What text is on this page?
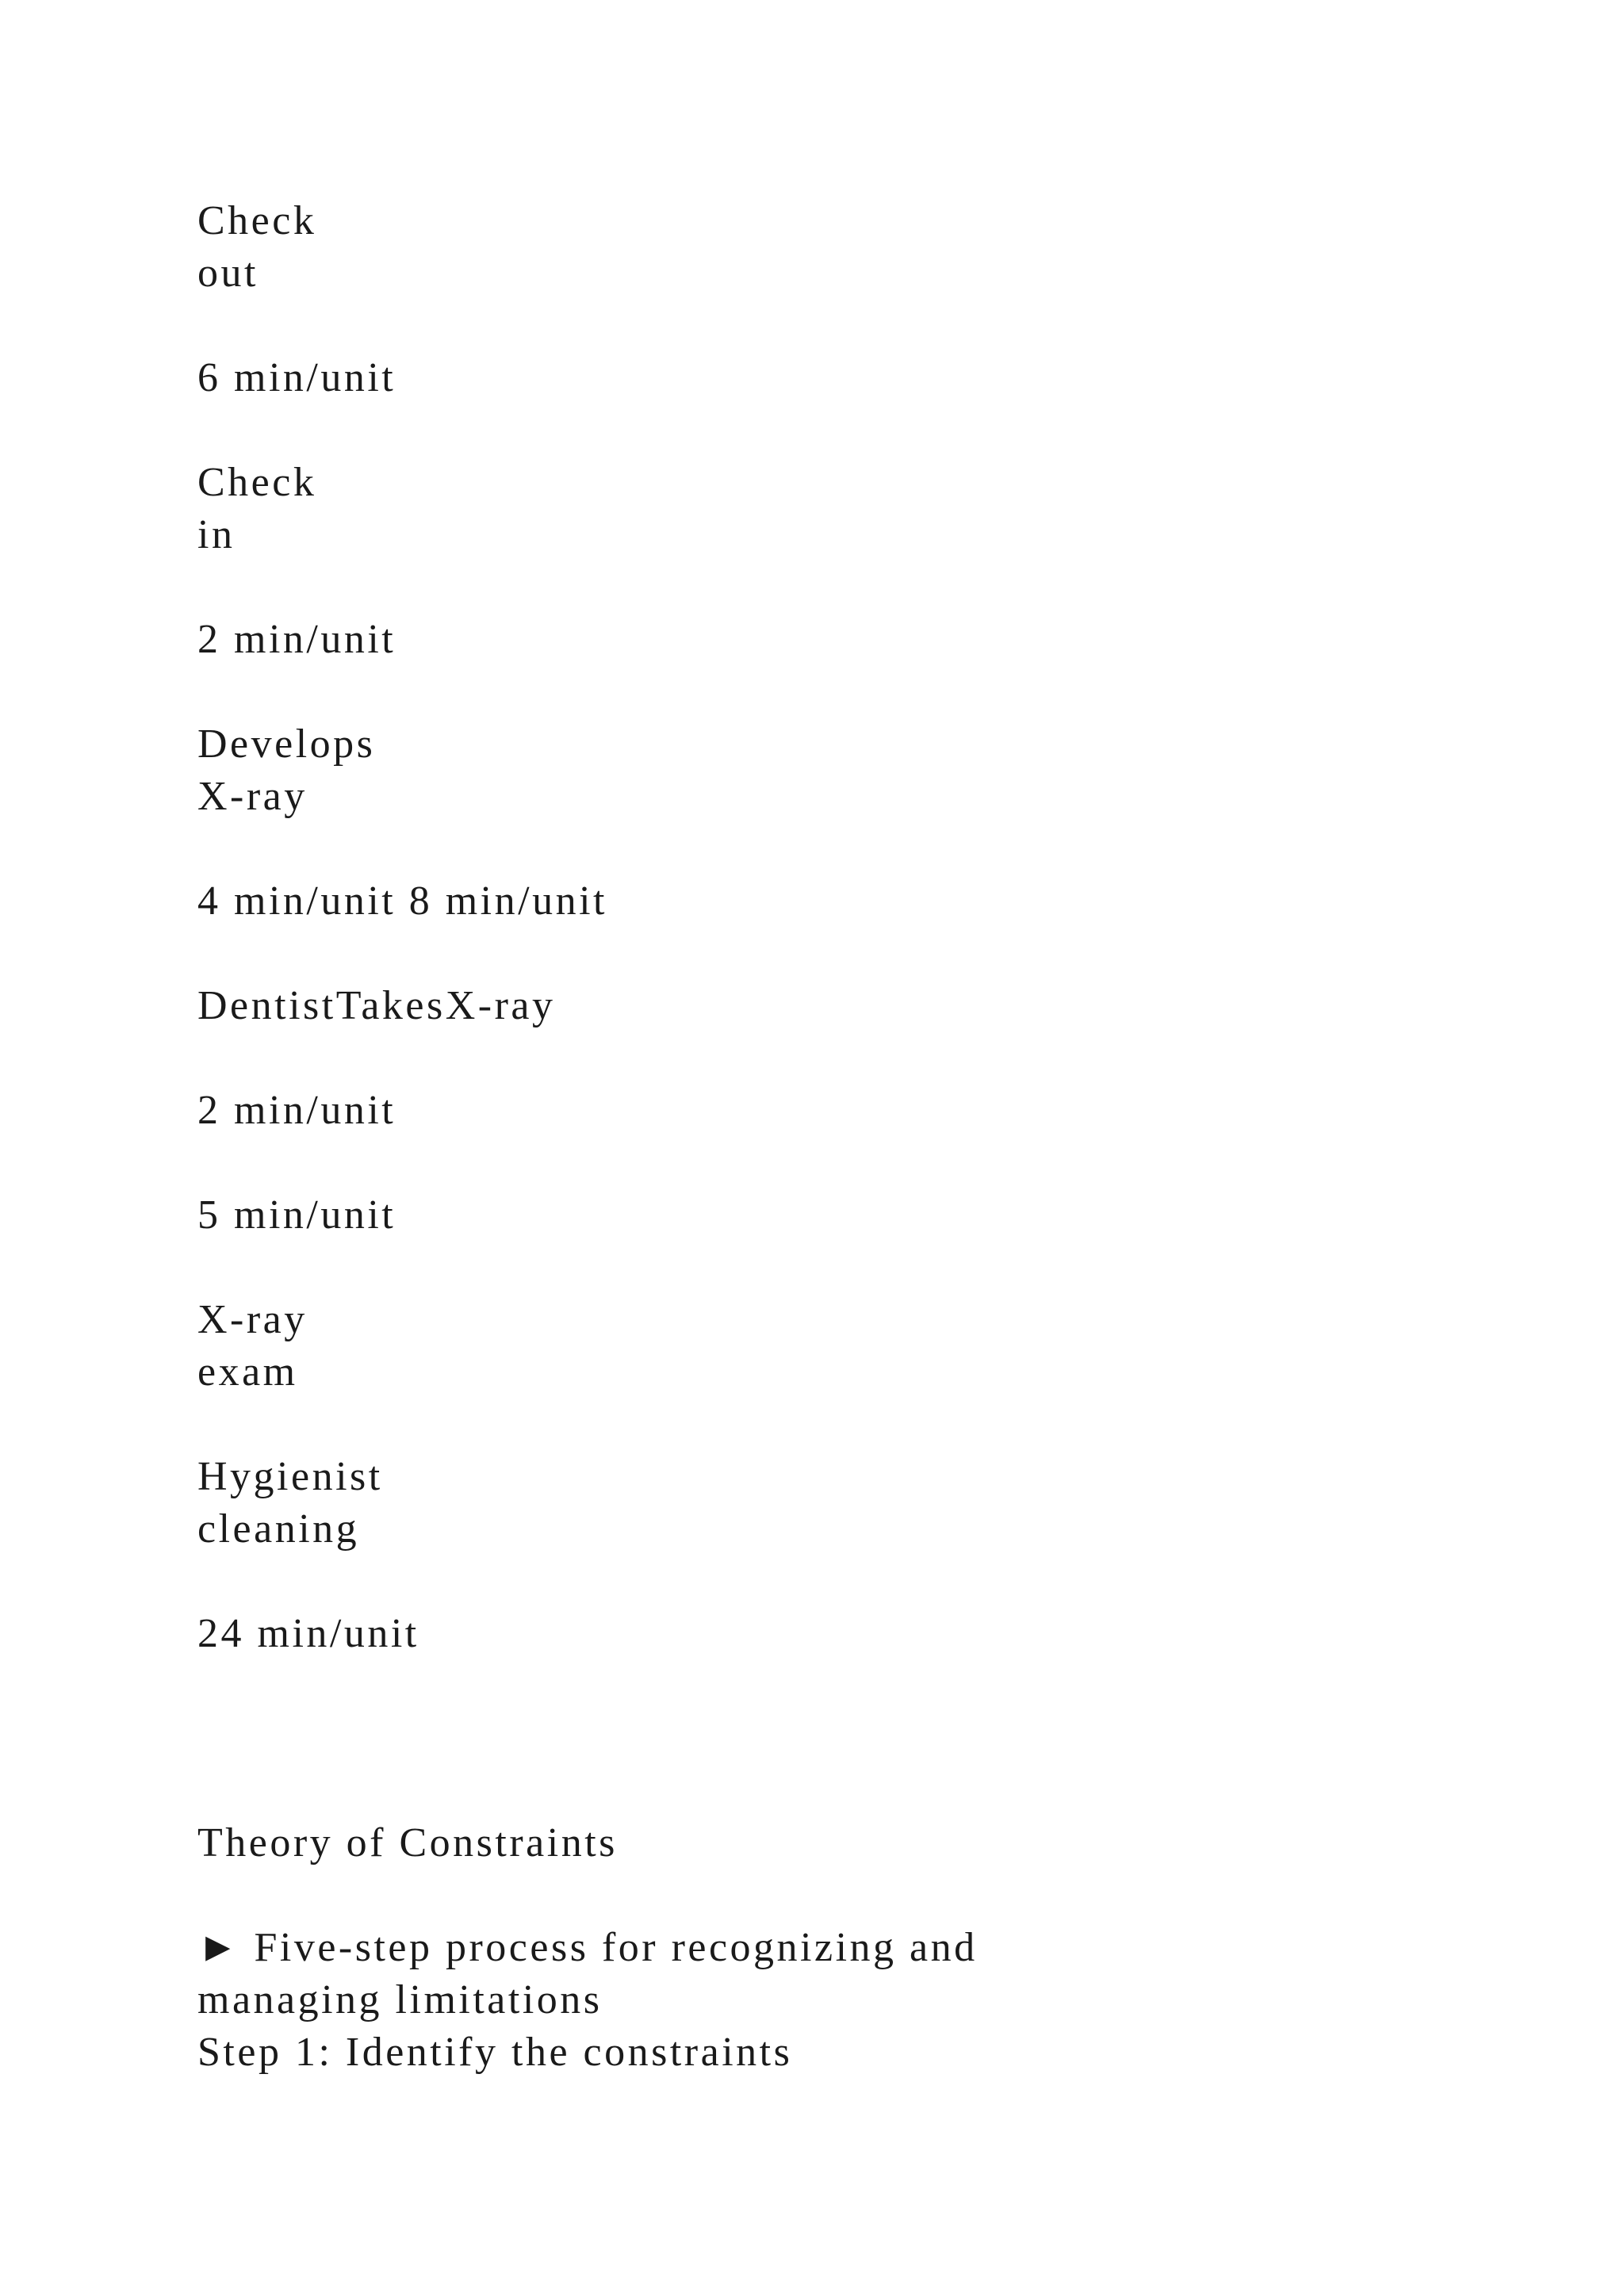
Check

out

6 min/unit

Check

in

2 min/unit

Develops

X-ray

4 min/unit 8 min/unit

DentistTakesX-ray

2 min/unit

5 min/unit

X-ray

exam

Hygienist

cleaning

24 min/unit

Theory of Constraints

► Five-step process for recognizing and

managing limitations

Step 1: Identify the constraints
